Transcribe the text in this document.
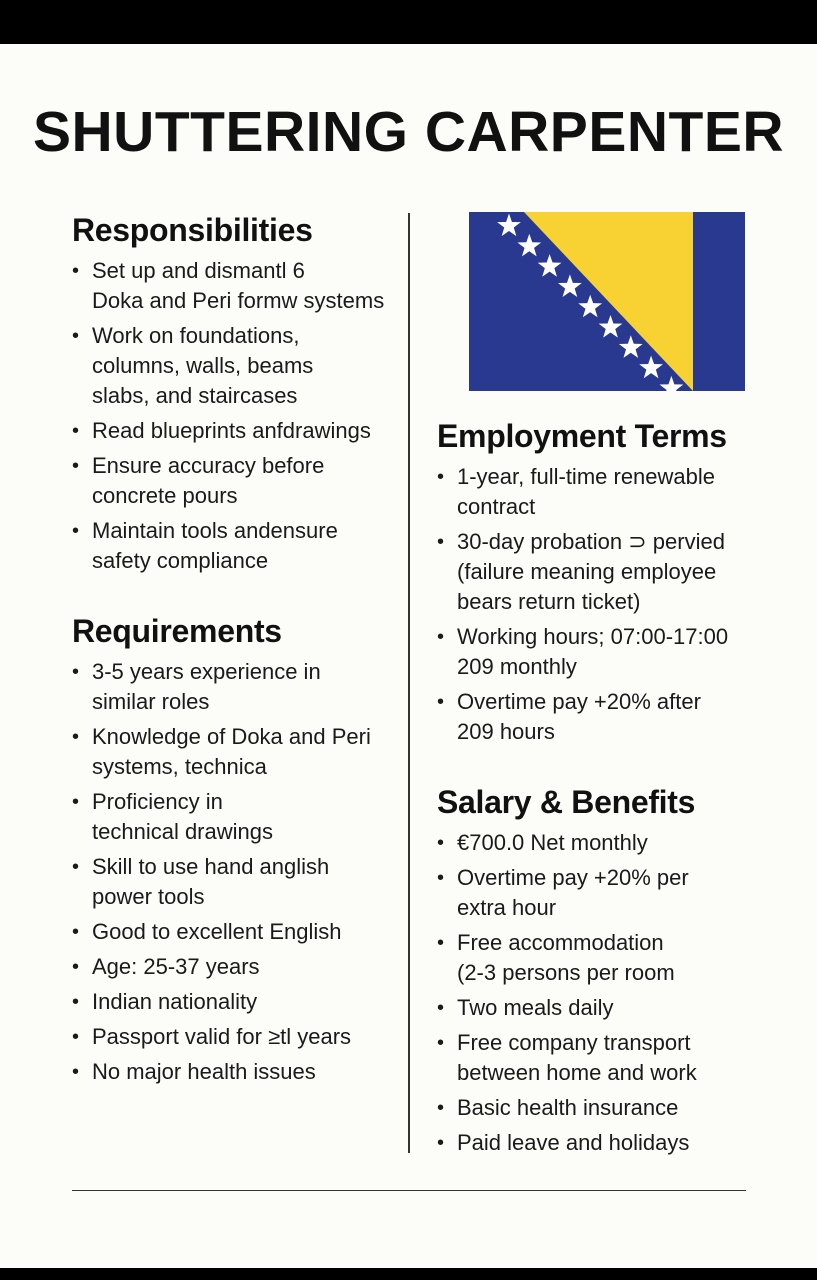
SHUTTERING CARPENTER
Responsibilities
• Set up and dismantl 6
Doka and Peri formw systems
• Work on foundations,
columns, walls, beams
slabs, and staircases
• Read blueprints anfdrawings
• Ensure accuracy before
concrete pours
• Maintain tools andensure
safety compliance
Requirements
• 3-5 years experience in
similar roles
• Knowledge of Doka and Peri
systems, technica
• Proficiency in
technical drawings
• Skill to use hand anglish
power tools
• Good to excellent English
• Age: 25-37 years
• Indian nationality
• Passport valid for ≥tl years
• No major health issues
Employment Terms
• 1-year, full-time renewable
contract
• 30-day probation ⊃ pervied
(failure meaning employee
bears return ticket)
• Working hours; 07:00-17:00
209 monthly
• Overtime pay +20% after
209 hours
Salary & Benefits
• €700.0 Net monthly
• Overtime pay +20% per
extra hour
• Free accommodation
(2-3 persons per room
• Two meals daily
• Free company transport
between home and work
• Basic health insurance
• Paid leave and holidays
